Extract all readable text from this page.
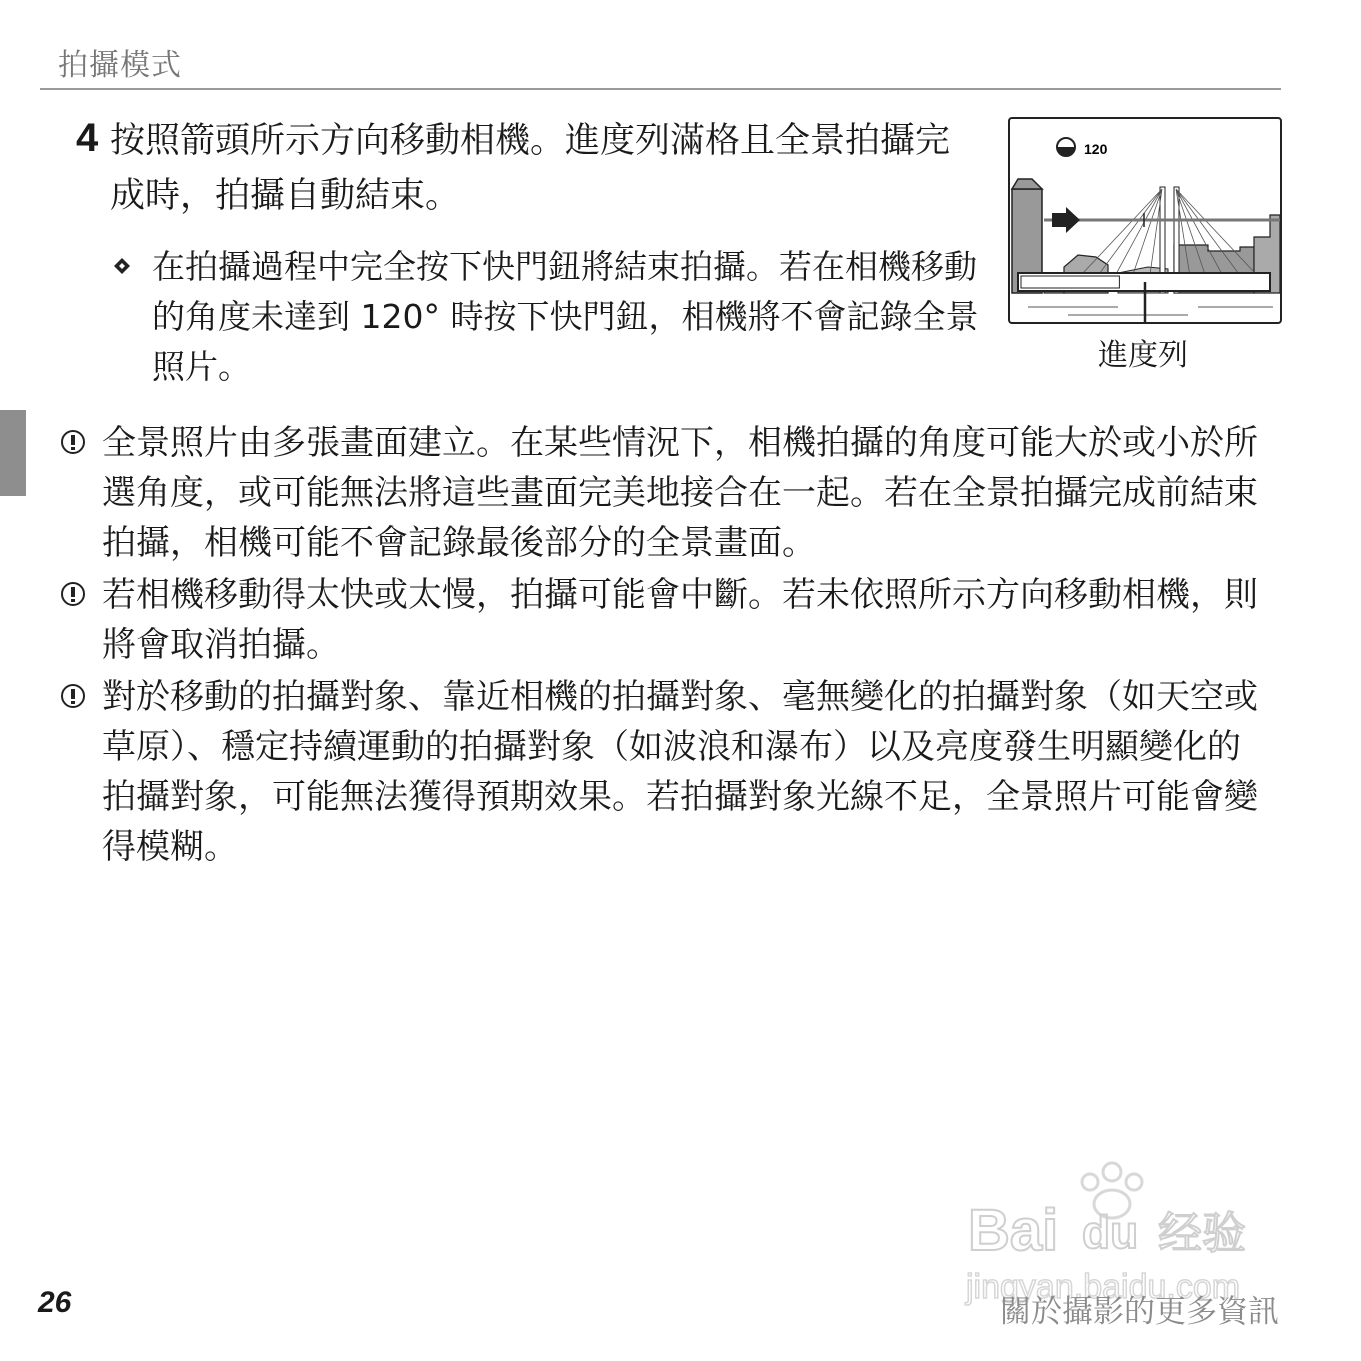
拍攝模式
4 按照箭頭所示方向移動相機。進度列滿格且全景拍攝完成時，拍攝自動結束。
在拍攝過程中完全按下快門鈕將結束拍攝。若在相機移動的角度未達到 120° 時按下快門鈕，相機將不會記錄全景照片。
120
進度列
全景照片由多張畫面建立。在某些情況下，相機拍攝的角度可能大於或小於所選角度，或可能無法將這些畫面完美地接合在一起。若在全景拍攝完成前結束拍攝，相機可能不會記錄最後部分的全景畫面。
若相機移動得太快或太慢，拍攝可能會中斷。若未依照所示方向移動相機，則將會取消拍攝。
對於移動的拍攝對象、靠近相機的拍攝對象、毫無變化的拍攝對象（如天空或草原）、穩定持續運動的拍攝對象（如波浪和瀑布）以及亮度發生明顯變化的拍攝對象，可能無法獲得預期效果。若拍攝對象光線不足，全景照片可能會變得模糊。
Bai du 经验
jingyan.baidu.com
26	關於攝影的更多資訊
